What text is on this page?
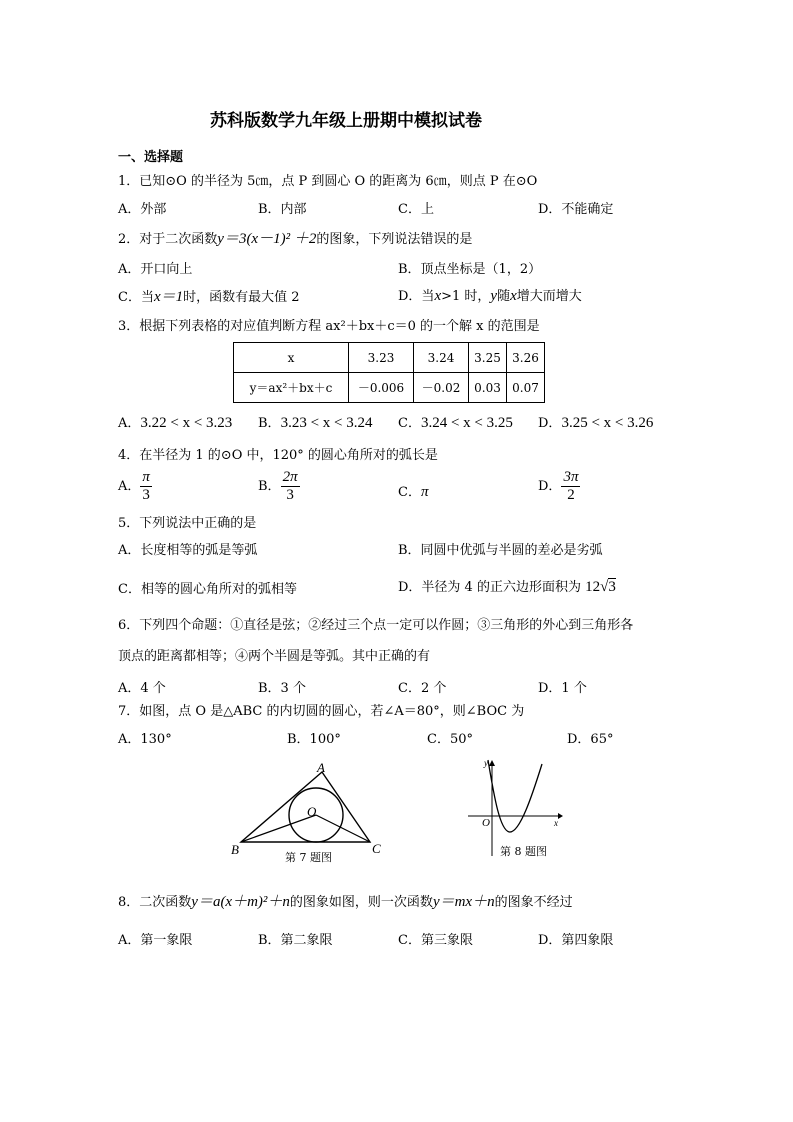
苏科版数学九年级上册期中模拟试卷
一、选择题
1．已知⊙O 的半径为 5㎝，点 P 到圆心 O 的距离为 6㎝，则点 P 在⊙O
A．外部	B．内部	C．上	D．不能确定
2．对于二次函数y＝3(x－1)² ＋2的图象，下列说法错误的是
A．开口向上	B．顶点坐标是（1，2）
C．当x＝1时，函数有最大值 2	D．当x>1 时，y随x增大而增大
3．根据下列表格的对应值判断方程 ax²＋bx＋c＝0 的一个解 x 的范围是
x	3.23	3.24	3.25	3.26
y＝ax²＋bx＋c	－0.006	－0.02	0.03	0.07
A．3.22 < x < 3.23 B．3.23 < x < 3.24 C．3.24 < x < 3.25 D．3.25 < x < 3.26
4．在半径为 1 的⊙O 中，120° 的圆心角所对的弧长是
A． $\frac{\pi}{3}$	B． $\frac{2\pi}{3}$	C．π	D． $\frac{3\pi}{2}$
5．下列说法中正确的是
A．长度相等的弧是等弧	B．同圆中优弧与半圆的差必是劣弧
C．相等的圆心角所对的弧相等	D．半径为 4 的正六边形面积为 12√3
6．下列四个命题：①直径是弦；②经过三个点一定可以作圆；③三角形的外心到三角形各
顶点的距离都相等；④两个半圆是等弧。其中正确的有
A．4 个	B．3 个	C．2 个	D．1 个
7．如图，点 O 是△ABC 的内切圆的圆心，若∠A＝80°，则∠BOC 为
A．130°	B．100°	C．50°	D．65°
A
B	C
O
第 7 题图
y
x
O
第 8 题图
8．二次函数y＝a(x＋m)²＋n的图象如图，则一次函数y＝mx＋n的图象不经过
A．第一象限	B．第二象限	C．第三象限	D．第四象限
